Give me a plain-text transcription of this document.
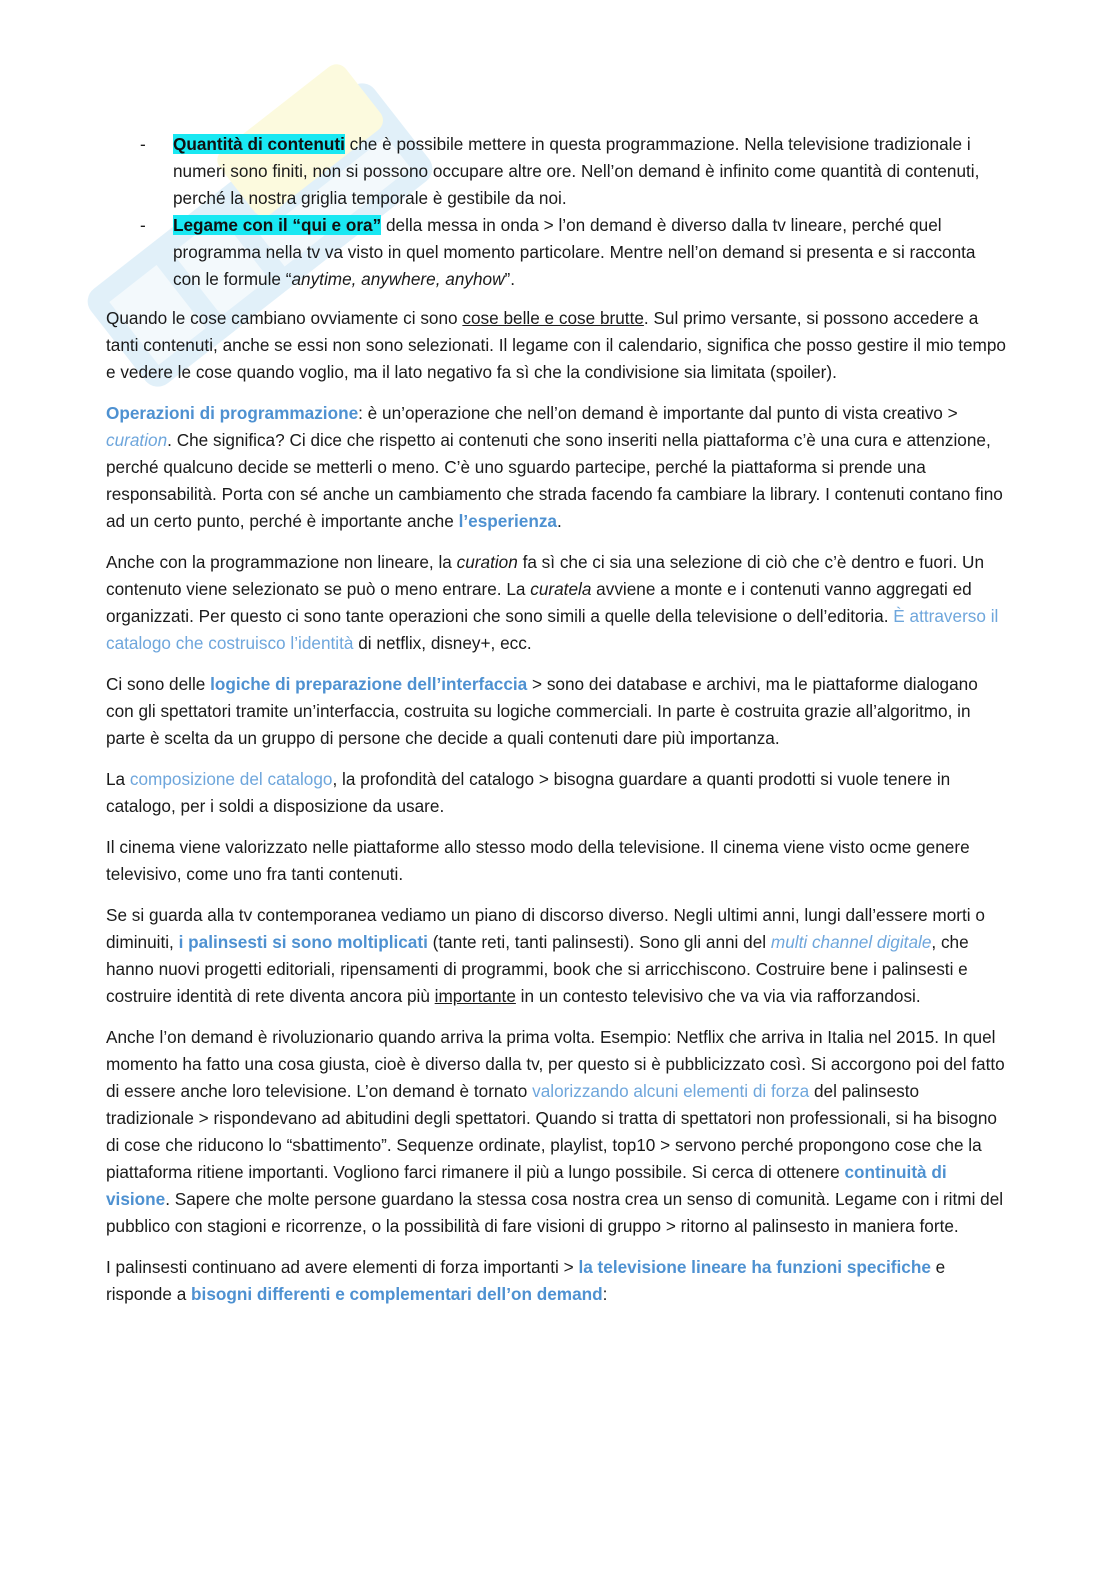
- Quantità di contenuti che è possibile mettere in questa programmazione. Nella televisione tradizionale i numeri sono finiti, non si possono occupare altre ore. Nell’on demand è infinito come quantità di contenuti, perché la nostra griglia temporale è gestibile da noi.
- Legame con il “qui e ora” della messa in onda > l’on demand è diverso dalla tv lineare, perché quel programma nella tv va visto in quel momento particolare. Mentre nell’on demand si presenta e si racconta con le formule “anytime, anywhere, anyhow”.

Quando le cose cambiano ovviamente ci sono cose belle e cose brutte. Sul primo versante, si possono accedere a tanti contenuti, anche se essi non sono selezionati. Il legame con il calendario, significa che posso gestire il mio tempo e vedere le cose quando voglio, ma il lato negativo fa sì che la condivisione sia limitata (spoiler).

Operazioni di programmazione: è un’operazione che nell’on demand è importante dal punto di vista creativo > curation. Che significa? Ci dice che rispetto ai contenuti che sono inseriti nella piattaforma c’è una cura e attenzione, perché qualcuno decide se metterli o meno. C’è uno sguardo partecipe, perché la piattaforma si prende una responsabilità. Porta con sé anche un cambiamento che strada facendo fa cambiare la library. I contenuti contano fino ad un certo punto, perché è importante anche l’esperienza.

Anche con la programmazione non lineare, la curation fa sì che ci sia una selezione di ciò che c’è dentro e fuori. Un contenuto viene selezionato se può o meno entrare. La curatela avviene a monte e i contenuti vanno aggregati ed organizzati. Per questo ci sono tante operazioni che sono simili a quelle della televisione o dell’editoria. È attraverso il catalogo che costruisco l’identità di netflix, disney+, ecc.

Ci sono delle logiche di preparazione dell’interfaccia > sono dei database e archivi, ma le piattaforme dialogano con gli spettatori tramite un’interfaccia, costruita su logiche commerciali. In parte è costruita grazie all’algoritmo, in parte è scelta da un gruppo di persone che decide a quali contenuti dare più importanza.

La composizione del catalogo, la profondità del catalogo > bisogna guardare a quanti prodotti si vuole tenere in catalogo, per i soldi a disposizione da usare.

Il cinema viene valorizzato nelle piattaforme allo stesso modo della televisione. Il cinema viene visto ocme genere televisivo, come uno fra tanti contenuti.

Se si guarda alla tv contemporanea vediamo un piano di discorso diverso. Negli ultimi anni, lungi dall’essere morti o diminuiti, i palinsesti si sono moltiplicati (tante reti, tanti palinsesti). Sono gli anni del multi channel digitale, che hanno nuovi progetti editoriali, ripensamenti di programmi, book che si arricchiscono. Costruire bene i palinsesti e costruire identità di rete diventa ancora più importante in un contesto televisivo che va via via rafforzandosi.

Anche l’on demand è rivoluzionario quando arriva la prima volta. Esempio: Netflix che arriva in Italia nel 2015. In quel momento ha fatto una cosa giusta, cioè è diverso dalla tv, per questo si è pubblicizzato così. Si accorgono poi del fatto di essere anche loro televisione. L’on demand è tornato valorizzando alcuni elementi di forza del palinsesto tradizionale > rispondevano ad abitudini degli spettatori. Quando si tratta di spettatori non professionali, si ha bisogno di cose che riducono lo “sbattimento”. Sequenze ordinate, playlist, top10 > servono perché propongono cose che la piattaforma ritiene importanti. Vogliono farci rimanere il più a lungo possibile. Si cerca di ottenere continuità di visione. Sapere che molte persone guardano la stessa cosa nostra crea un senso di comunità. Legame con i ritmi del pubblico con stagioni e ricorrenze, o la possibilità di fare visioni di gruppo > ritorno al palinsesto in maniera forte.

I palinsesti continuano ad avere elementi di forza importanti > la televisione lineare ha funzioni specifiche e risponde a bisogni differenti e complementari dell’on demand:
